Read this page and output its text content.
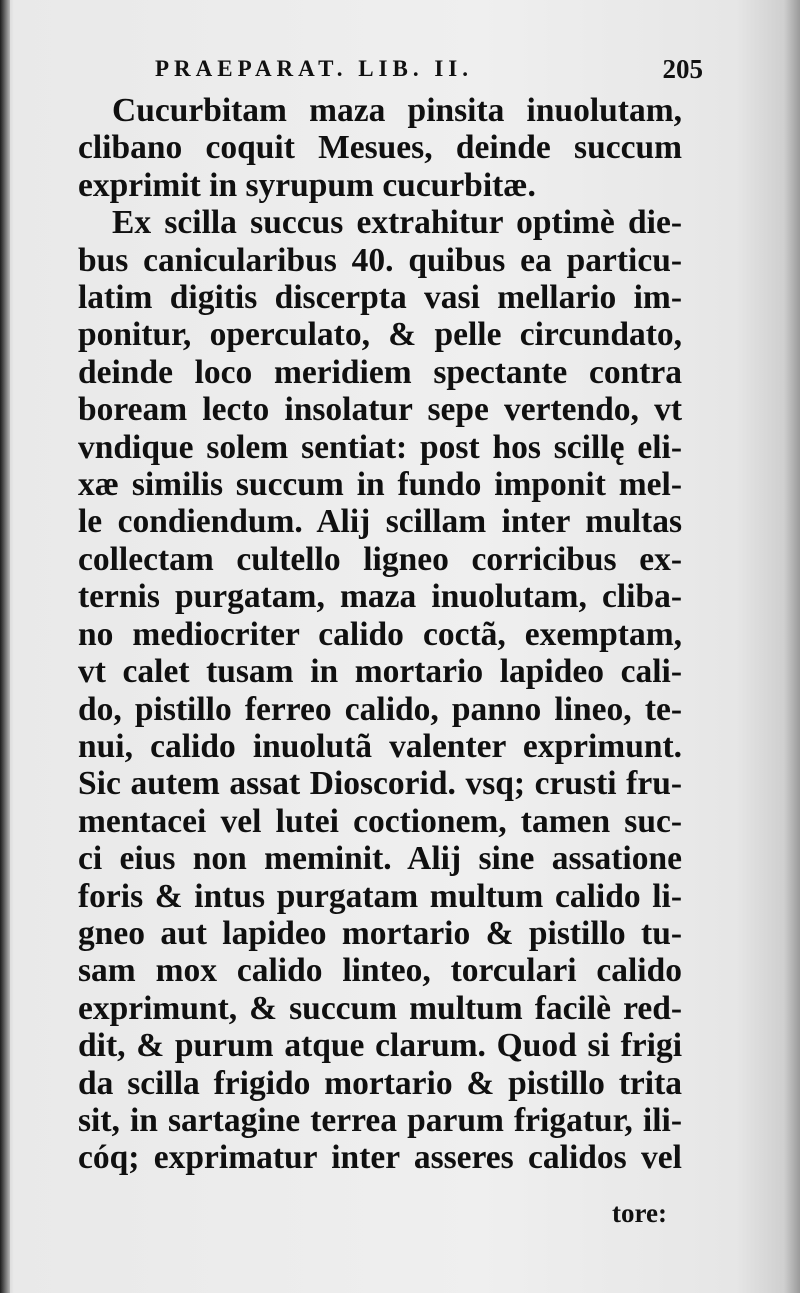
PRAEPARAT. LIB. II.	205
Cucurbitam maza pinsita inuolutam,
clibano coquit Mesues, deinde succum
exprimit in syrupum cucurbitæ.
Ex scilla succus extrahitur optimè die-
bus canicularibus 40. quibus ea particu-
latim digitis discerpta vasi mellario im-
ponitur, operculato, & pelle circundato,
deinde loco meridiem spectante contra
boream lecto insolatur sepe vertendo, vt
vndique solem sentiat: post hos scillę eli-
xæ similis succum in fundo imponit mel-
le condiendum. Alij scillam inter multas
collectam cultello ligneo corricibus ex-
ternis purgatam, maza inuolutam, cliba-
no mediocriter calido coctã, exemptam,
vt calet tusam in mortario lapideo cali-
do, pistillo ferreo calido, panno lineo, te-
nui, calido inuolutã valenter exprimunt.
Sic autem assat Dioscorid. vsq; crusti fru-
mentacei vel lutei coctionem, tamen suc-
ci eius non meminit. Alij sine assatione
foris & intus purgatam multum calido li-
gneo aut lapideo mortario & pistillo tu-
sam mox calido linteo, torculari calido
exprimunt, & succum multum facilè red-
dit, & purum atque clarum. Quod si frigi
da scilla frigido mortario & pistillo trita
sit, in sartagine terrea parum frigatur, ili-
cóq; exprimatur inter asseres calidos vel
tore:
